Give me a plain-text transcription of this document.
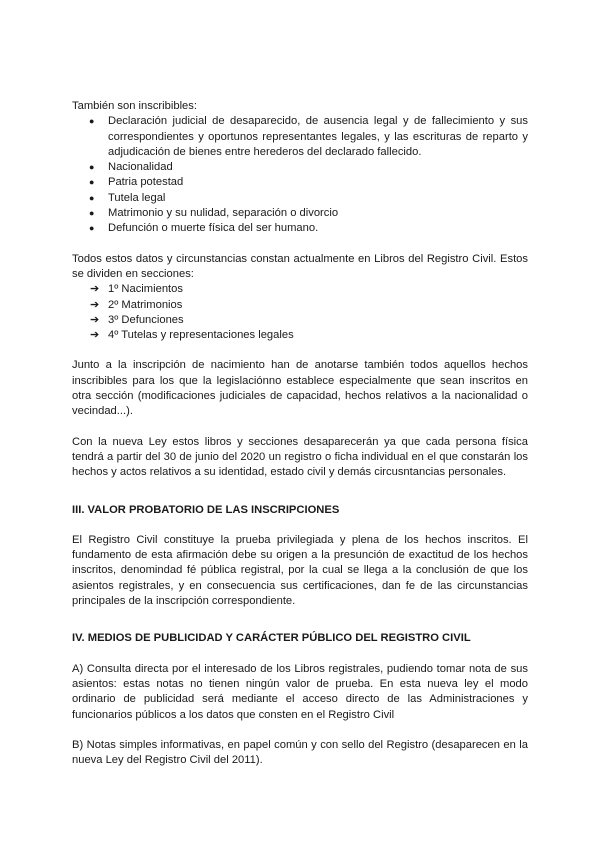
También son inscribibles:

● Declaración judicial de desaparecido, de ausencia legal y de fallecimiento y sus correspondientes y oportunos representantes legales, y las escrituras de reparto y adjudicación de bienes entre herederos del declarado fallecido.
● Nacionalidad
● Patria potestad
● Tutela legal
● Matrimonio y su nulidad, separación o divorcio
● Defunción o muerte física del ser humano.

Todos estos datos y circunstancias constan actualmente en Libros del Registro Civil. Estos se dividen en secciones:

➔ 1º Nacimientos
➔ 2º Matrimonios
➔ 3º Defunciones
➔ 4º Tutelas y representaciones legales

Junto a la inscripción de nacimiento han de anotarse también todos aquellos hechos inscribibles para los que la legislaciónno establece especialmente que sean inscritos en otra sección (modificaciones judiciales de capacidad, hechos relativos a la nacionalidad o vecindad...).

Con la nueva Ley estos libros y secciones desaparecerán ya que cada persona física tendrá a partir del 30 de junio del 2020 un registro o ficha individual en el que constarán los hechos y actos relativos a su identidad, estado civil y demás circusntancias personales.

III. VALOR PROBATORIO DE LAS INSCRIPCIONES

El Registro Civil constituye la prueba privilegiada y plena de los hechos inscritos. El fundamento de esta afirmación debe su origen a la presunción de exactitud de los hechos inscritos, denomindad fé pública registral, por la cual se llega a la conclusión de que los asientos registrales, y en consecuencia sus certificaciones, dan fe de las circunstancias principales de la inscripción correspondiente.

IV. MEDIOS DE PUBLICIDAD Y CARÁCTER PÚBLICO DEL REGISTRO CIVIL

A) Consulta directa por el interesado de los Libros registrales, pudiendo tomar nota de sus asientos: estas notas no tienen ningún valor de prueba. En esta nueva ley el modo ordinario de publicidad será mediante el acceso directo de las Administraciones y funcionarios públicos a los datos que consten en el Registro Civil

B) Notas simples informativas, en papel común y con sello del Registro (desaparecen en la nueva Ley del Registro Civil del 2011).
